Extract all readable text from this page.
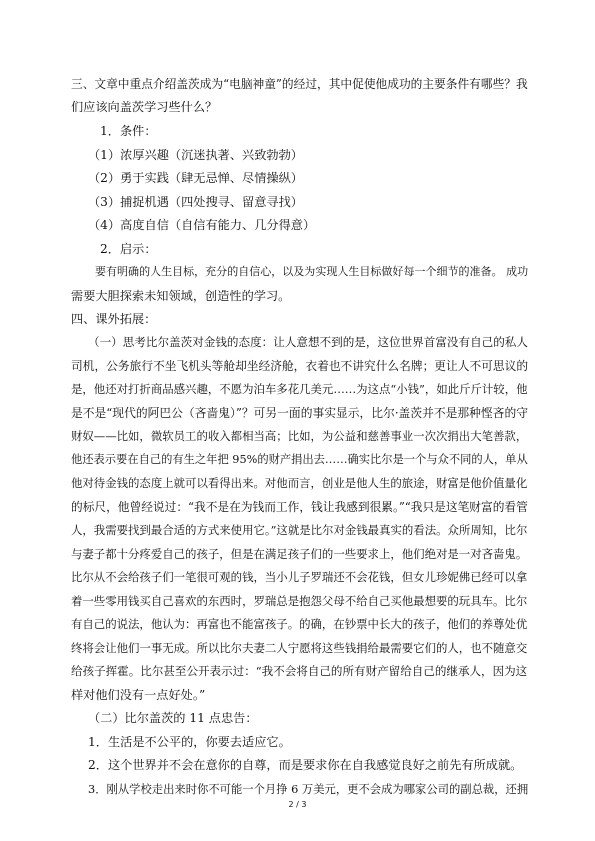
三、文章中重点介绍盖茨成为“电脑神童”的经过，其中促使他成功的主要条件有哪些？我
们应该向盖茨学习些什么？
1．条件：
（1）浓厚兴趣（沉迷执著、兴致勃勃）
（2）勇于实践（肆无忌惮、尽情操纵）
（3）捕捉机遇（四处搜寻、留意寻找）
（4）高度自信（自信有能力、几分得意）
2．启示：
要有明确的人生目标，充分的自信心，以及为实现人生目标做好每一个细节的准备。 成功
需要大胆探索未知领域，创造性的学习。
四、课外拓展：
（一）思考比尔盖茨对金钱的态度：让人意想不到的是，这位世界首富没有自己的私人
司机，公务旅行不坐飞机头等舱却坐经济舱，衣着也不讲究什么名牌；更让人不可思议的
是，他还对打折商品感兴趣，不愿为泊车多花几美元……为这点“小钱”，如此斤斤计较，他
是不是“现代的阿巴公（吝啬鬼）”？可另一面的事实显示，比尔·盖茨并不是那种悭吝的守
财奴——比如，微软员工的收入都相当高；比如，为公益和慈善事业一次次捐出大笔善款，
他还表示要在自己的有生之年把 95%的财产捐出去……确实比尔是一个与众不同的人，单从
他对待金钱的态度上就可以看得出来。对他而言，创业是他人生的旅途，财富是他价值量化
的标尺，他曾经说过：“我不是在为钱而工作，钱让我感到很累。”“我只是这笔财富的看管
人，我需要找到最合适的方式来使用它。”这就是比尔对金钱最真实的看法。众所周知，比尔
与妻子都十分疼爱自己的孩子，但是在满足孩子们的一些要求上，他们绝对是一对吝啬鬼。
比尔从不会给孩子们一笔很可观的钱，当小儿子罗瑞还不会花钱，但女儿珍妮佛已经可以拿
着一些零用钱买自己喜欢的东西时，罗瑞总是抱怨父母不给自己买他最想要的玩具车。比尔
有自己的说法，他认为：再富也不能富孩子。的确，在钞票中长大的孩子，他们的养尊处优
终将会让他们一事无成。所以比尔夫妻二人宁愿将这些钱捐给最需要它们的人，也不随意交
给孩子挥霍。比尔甚至公开表示过：“我不会将自己的所有财产留给自己的继承人，因为这
样对他们没有一点好处。”
（二）比尔盖茨的 11 点忠告：
1．生活是不公平的，你要去适应它。
2．这个世界并不会在意你的自尊，而是要求你在自我感觉良好之前先有所成就。
3．刚从学校走出来时你不可能一个月挣 6 万美元，更不会成为哪家公司的副总裁，还拥
2 / 3
